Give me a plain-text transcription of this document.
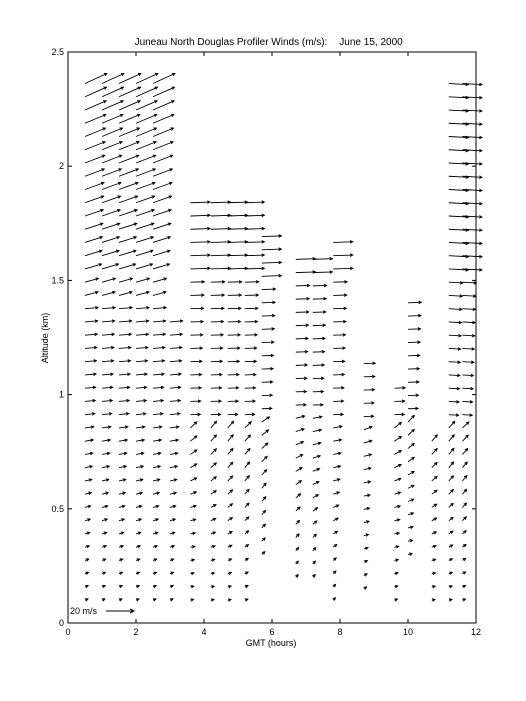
Juneau North Douglas Profiler Winds (m/s): June 15, 2000
0	2	4	6	8	10	12
0
0.5
1
1.5
2
2.5
20 m/s
GMT (hours)
Altitude (km)
